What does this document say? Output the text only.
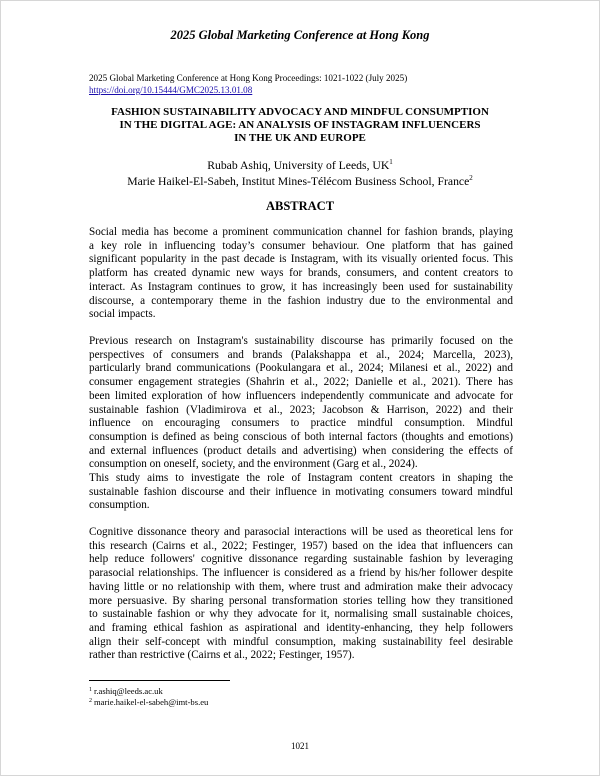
2025 Global Marketing Conference at Hong Kong
2025 Global Marketing Conference at Hong Kong Proceedings: 1021-1022 (July 2025)
https://doi.org/10.15444/GMC2025.13.01.08
FASHION SUSTAINABILITY ADVOCACY AND MINDFUL CONSUMPTION
IN THE DIGITAL AGE: AN ANALYSIS OF INSTAGRAM INFLUENCERS
IN THE UK AND EUROPE
Rubab Ashiq, University of Leeds, $UK^1$
Marie Haikel-El-Sabeh, Institut Mines-Télécom Business School, France$^2$
ABSTRACT
Social media has become a prominent communication channel for fashion brands, playing
a key role in influencing today’s consumer behaviour. One platform that has gained
significant popularity in the past decade is Instagram, with its visually oriented focus. This
platform has created dynamic new ways for brands, consumers, and content creators to
interact. As Instagram continues to grow, it has increasingly been used for sustainability
discourse, a contemporary theme in the fashion industry due to the environmental and
social impacts.
Previous research on Instagram's sustainability discourse has primarily focused on the
perspectives of consumers and brands (Palakshappa et al., 2024; Marcella, 2023),
particularly brand communications (Pookulangara et al., 2024; Milanesi et al., 2022) and
consumer engagement strategies (Shahrin et al., 2022; Danielle et al., 2021). There has
been limited exploration of how influencers independently communicate and advocate for
sustainable fashion (Vladimirova et al., 2023; Jacobson & Harrison, 2022) and their
influence on encouraging consumers to practice mindful consumption. Mindful
consumption is defined as being conscious of both internal factors (thoughts and emotions)
and external influences (product details and advertising) when considering the effects of
consumption on oneself, society, and the environment (Garg et al., 2024).
This study aims to investigate the role of Instagram content creators in shaping the
sustainable fashion discourse and their influence in motivating consumers toward mindful
consumption.
Cognitive dissonance theory and parasocial interactions will be used as theoretical lens for
this research (Cairns et al., 2022; Festinger, 1957) based on the idea that influencers can
help reduce followers' cognitive dissonance regarding sustainable fashion by leveraging
parasocial relationships. The influencer is considered as a friend by his/her follower despite
having little or no relationship with them, where trust and admiration make their advocacy
more persuasive. By sharing personal transformation stories telling how they transitioned
to sustainable fashion or why they advocate for it, normalising small sustainable choices,
and framing ethical fashion as aspirational and identity-enhancing, they help followers
align their self-concept with mindful consumption, making sustainability feel desirable
rather than restrictive (Cairns et al., 2022; Festinger, 1957).
$^1$ r.ashiq@leeds.ac.uk
$^2$ marie.haikel-el-sabeh@imt-bs.eu
1021
